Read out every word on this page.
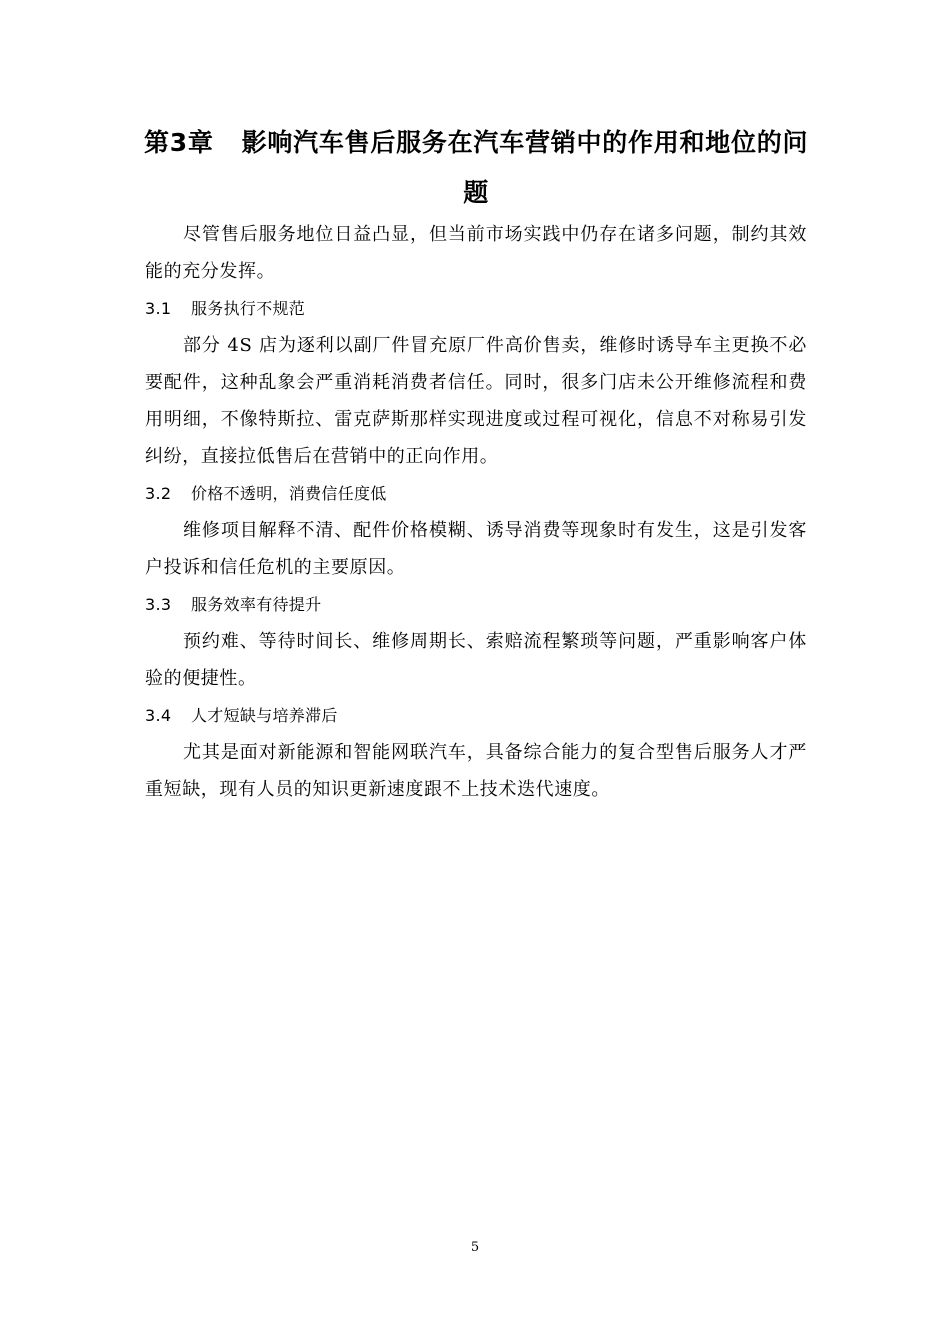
第3章 影响汽车售后服务在汽车营销中的作用和地位的问题

尽管售后服务地位日益凸显，但当前市场实践中仍存在诸多问题，制约其效能的充分发挥。

3.1 服务执行不规范

部分 4S 店为逐利以副厂件冒充原厂件高价售卖，维修时诱导车主更换不必要配件，这种乱象会严重消耗消费者信任。同时，很多门店未公开维修流程和费用明细，不像特斯拉、雷克萨斯那样实现进度或过程可视化，信息不对称易引发纠纷，直接拉低售后在营销中的正向作用。

3.2 价格不透明，消费信任度低

维修项目解释不清、配件价格模糊、诱导消费等现象时有发生，这是引发客户投诉和信任危机的主要原因。

3.3 服务效率有待提升

预约难、等待时间长、维修周期长、索赔流程繁琐等问题，严重影响客户体验的便捷性。

3.4 人才短缺与培养滞后

尤其是面对新能源和智能网联汽车，具备综合能力的复合型售后服务人才严重短缺，现有人员的知识更新速度跟不上技术迭代速度。

5
